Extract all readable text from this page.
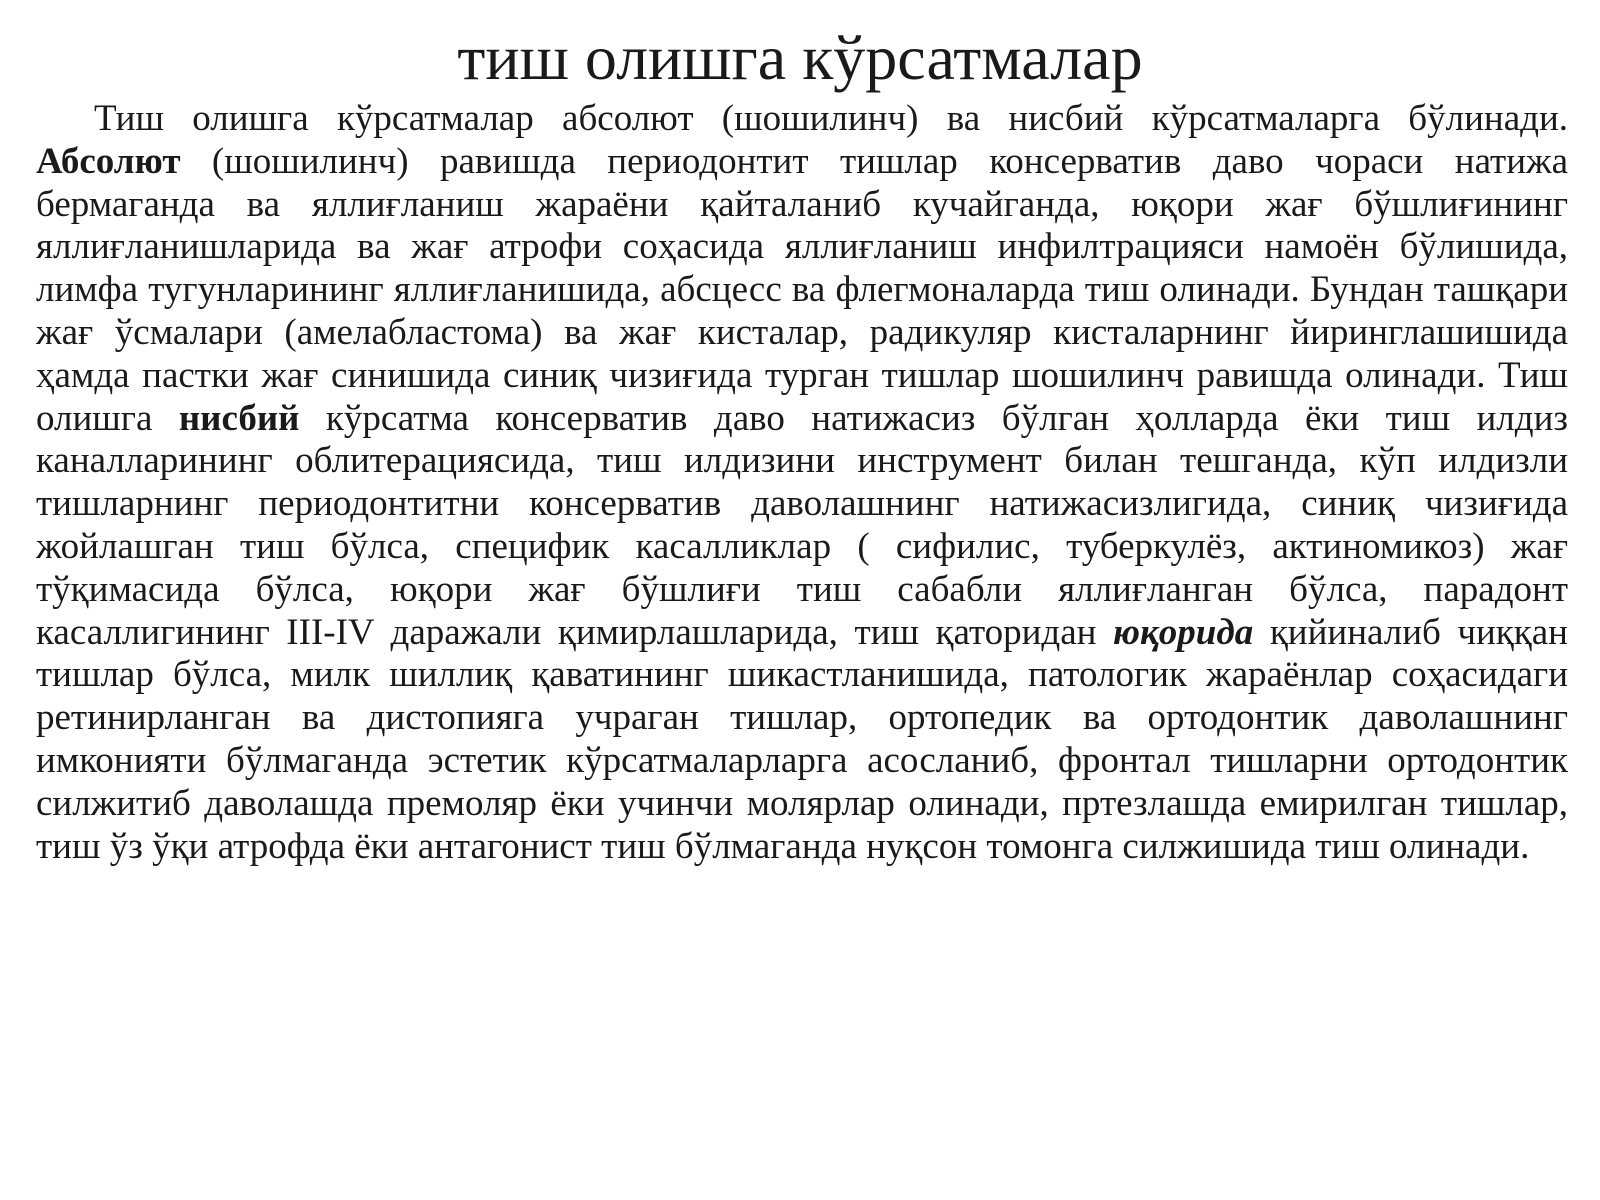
тиш олишга кўрсатмалар

Тиш олишга кўрсатмалар абсолют (шошилинч) ва нисбий кўрсатмаларга бўлинади. Абсолют (шошилинч) равишда периодонтит тишлар консерватив даво чораси натижа бермаганда ва яллиғланиш жараёни қайталаниб кучайганда, юқори жағ бўшлиғининг яллиғланишларида ва жағ атрофи соҳасида яллиғланиш инфилтрацияси намоён бўлишида, лимфа тугунларининг яллиғланишида, абсцесс ва флегмоналарда тиш олинади. Бундан ташқари жағ ўсмалари (амелабластома) ва жағ кисталар, радикуляр кисталарнинг йиринглашишида ҳамда пастки жағ синишида синиқ чизиғида турган тишлар шошилинч равишда олинади. Тиш олишга нисбий кўрсатма консерватив даво натижасиз бўлган ҳолларда ёки тиш илдиз каналларининг облитерациясида, тиш илдизини инструмент билан тешганда, кўп илдизли тишларнинг периодонтитни консерватив даволашнинг натижасизлигида, синиқ чизиғида жойлашган тиш бўлса, специфик касалликлар ( сифилис, туберкулёз, актиномикоз) жағ тўқимасида бўлса, юқори жағ бўшлиғи тиш сабабли яллиғланган бўлса, парадонт касаллигининг III-IV даражали қимирлашларида, тиш қаторидан юқорида қийиналиб чиққан тишлар бўлса, милк шиллиқ қаватининг шикастланишида, патологик жараёнлар соҳасидаги ретинирланган ва дистопияга учраган тишлар, ортопедик ва ортодонтик даволашнинг имконияти бўлмаганда эстетик кўрсатмаларларга асосланиб, фронтал тишларни ортодонтик силжитиб даволашда премоляр ёки учинчи молярлар олинади, пртезлашда емирилган тишлар, тиш ўз ўқи атрофда ёки антагонист тиш бўлмаганда нуқсон томонга силжишида тиш олинади.
